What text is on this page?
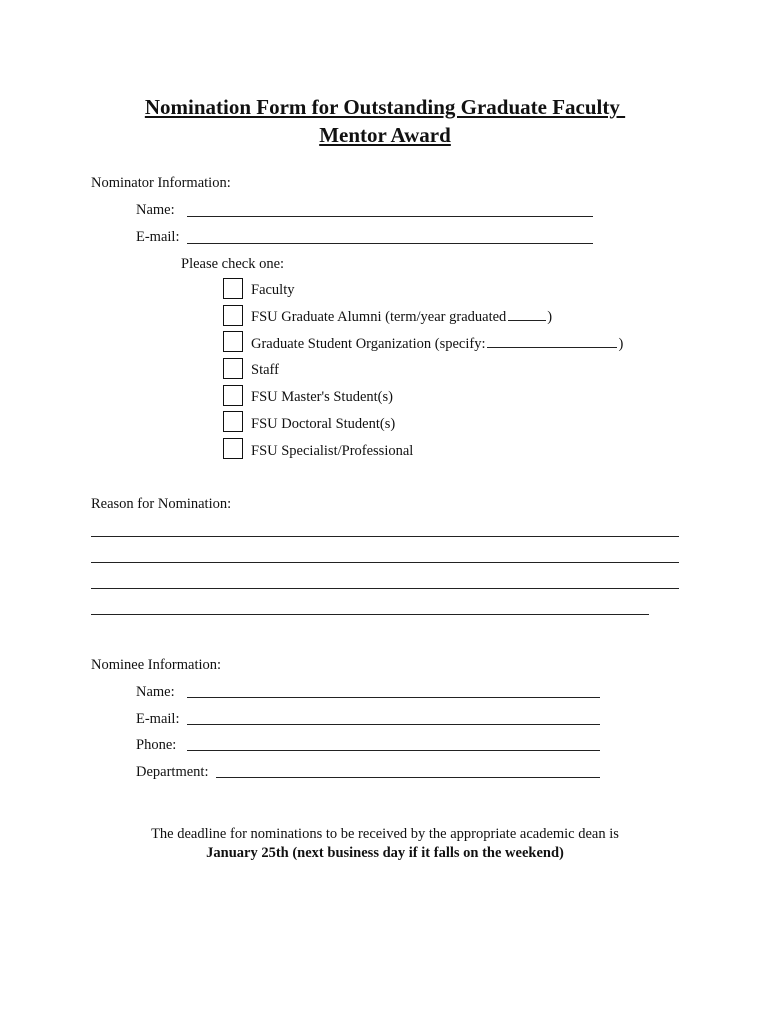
Nomination Form for Outstanding Graduate Faculty
Mentor Award
Nominator Information:
Name:
E-mail:
Please check one:
Faculty
FSU Graduate Alumni (term/year graduated	)
Graduate Student Organization (specify:	)
Staff
FSU Master's Student(s)
FSU Doctoral Student(s)
FSU Specialist/Professional
Reason for Nomination:
Nominee Information:
Name:
E-mail:
Phone:
Department:
The deadline for nominations to be received by the appropriate academic dean is
January 25th (next business day if it falls on the weekend)
